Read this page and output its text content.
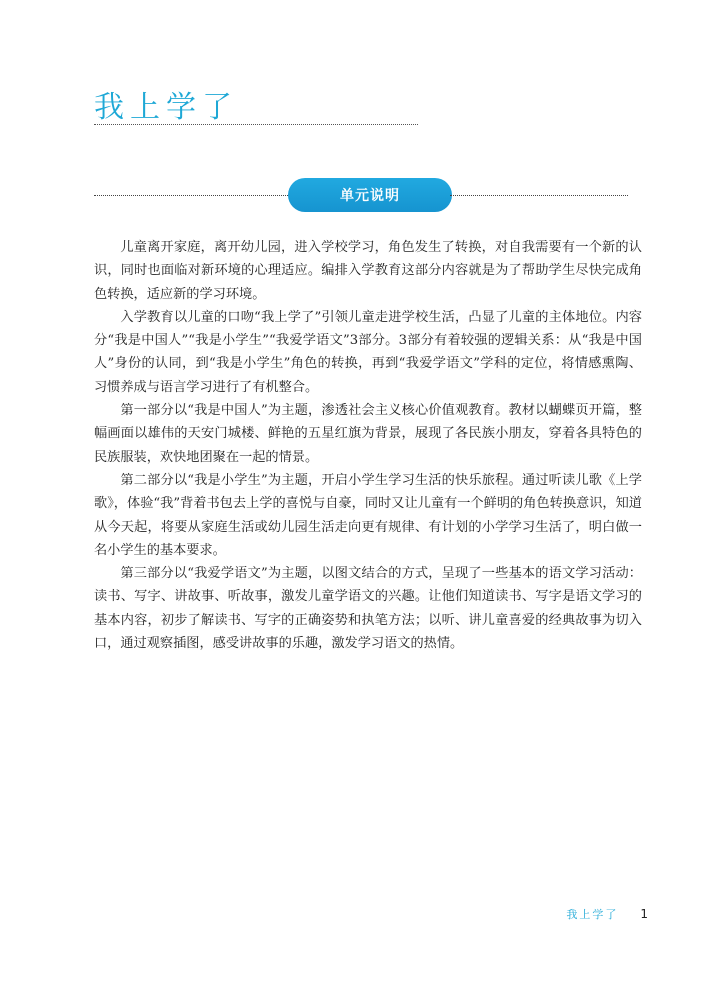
我上学了
单元说明

儿童离开家庭，离开幼儿园，进入学校学习，角色发生了转换，对自我需要有一个新的认识，同时也面临对新环境的心理适应。编排入学教育这部分内容就是为了帮助学生尽快完成角色转换，适应新的学习环境。

入学教育以儿童的口吻“我上学了”引领儿童走进学校生活，凸显了儿童的主体地位。内容分“我是中国人”“我是小学生”“我爱学语文”3部分。3部分有着较强的逻辑关系：从“我是中国人”身份的认同，到“我是小学生”角色的转换，再到“我爱学语文”学科的定位，将情感熏陶、习惯养成与语言学习进行了有机整合。

第一部分以“我是中国人”为主题，渗透社会主义核心价值观教育。教材以蝴蝶页开篇，整幅画面以雄伟的天安门城楼、鲜艳的五星红旗为背景，展现了各民族小朋友，穿着各具特色的民族服装，欢快地团聚在一起的情景。

第二部分以“我是小学生”为主题，开启小学生学习生活的快乐旅程。通过听读儿歌《上学歌》，体验“我”背着书包去上学的喜悦与自豪，同时又让儿童有一个鲜明的角色转换意识，知道从今天起，将要从家庭生活或幼儿园生活走向更有规律、有计划的小学学习生活了，明白做一名小学生的基本要求。

第三部分以“我爱学语文”为主题，以图文结合的方式，呈现了一些基本的语文学习活动：读书、写字、讲故事、听故事，激发儿童学语文的兴趣。让他们知道读书、写字是语文学习的基本内容，初步了解读书、写字的正确姿势和执笔方法；以听、讲儿童喜爱的经典故事为切入口，通过观察插图，感受讲故事的乐趣，激发学习语文的热情。

我上学了 1
